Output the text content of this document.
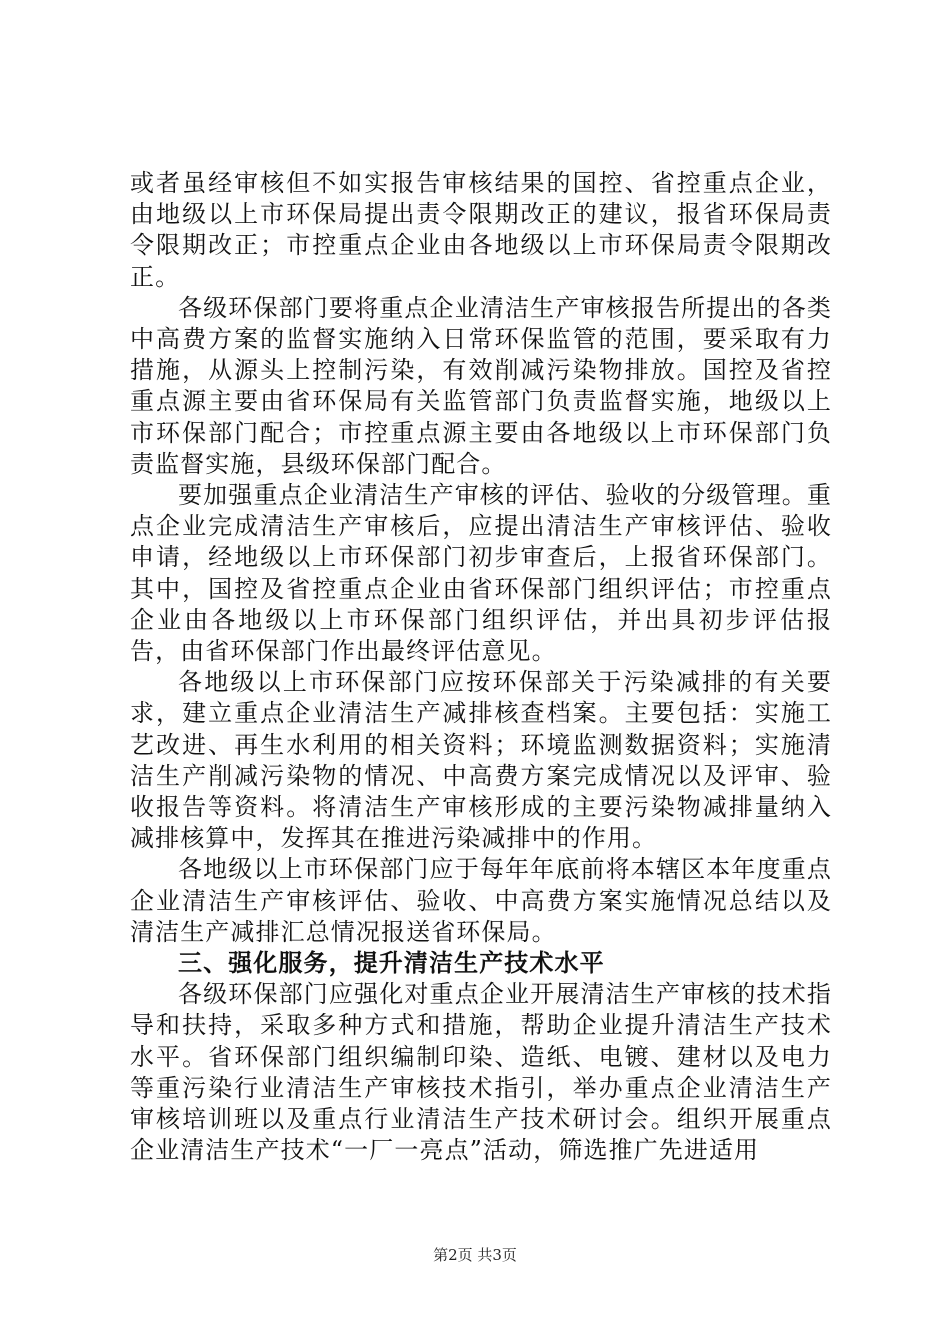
或者虽经审核但不如实报告审核结果的国控、省控重点企业，由地级以上市环保局提出责令限期改正的建议，报省环保局责令限期改正；市控重点企业由各地级以上市环保局责令限期改正。

各级环保部门要将重点企业清洁生产审核报告所提出的各类中高费方案的监督实施纳入日常环保监管的范围，要采取有力措施，从源头上控制污染，有效削减污染物排放。国控及省控重点源主要由省环保局有关监管部门负责监督实施，地级以上市环保部门配合；市控重点源主要由各地级以上市环保部门负责监督实施，县级环保部门配合。

要加强重点企业清洁生产审核的评估、验收的分级管理。重点企业完成清洁生产审核后，应提出清洁生产审核评估、验收申请，经地级以上市环保部门初步审查后，上报省环保部门。其中，国控及省控重点企业由省环保部门组织评估；市控重点企业由各地级以上市环保部门组织评估，并出具初步评估报告，由省环保部门作出最终评估意见。

各地级以上市环保部门应按环保部关于污染减排的有关要求，建立重点企业清洁生产减排核查档案。主要包括：实施工艺改进、再生水利用的相关资料；环境监测数据资料；实施清洁生产削减污染物的情况、中高费方案完成情况以及评审、验收报告等资料。将清洁生产审核形成的主要污染物减排量纳入减排核算中，发挥其在推进污染减排中的作用。

各地级以上市环保部门应于每年年底前将本辖区本年度重点企业清洁生产审核评估、验收、中高费方案实施情况总结以及清洁生产减排汇总情况报送省环保局。

三、强化服务，提升清洁生产技术水平

各级环保部门应强化对重点企业开展清洁生产审核的技术指导和扶持，采取多种方式和措施，帮助企业提升清洁生产技术水平。省环保部门组织编制印染、造纸、电镀、建材以及电力等重污染行业清洁生产审核技术指引，举办重点企业清洁生产审核培训班以及重点行业清洁生产技术研讨会。组织开展重点企业清洁生产技术“一厂一亮点”活动，筛选推广先进适用

第2页 共3页
